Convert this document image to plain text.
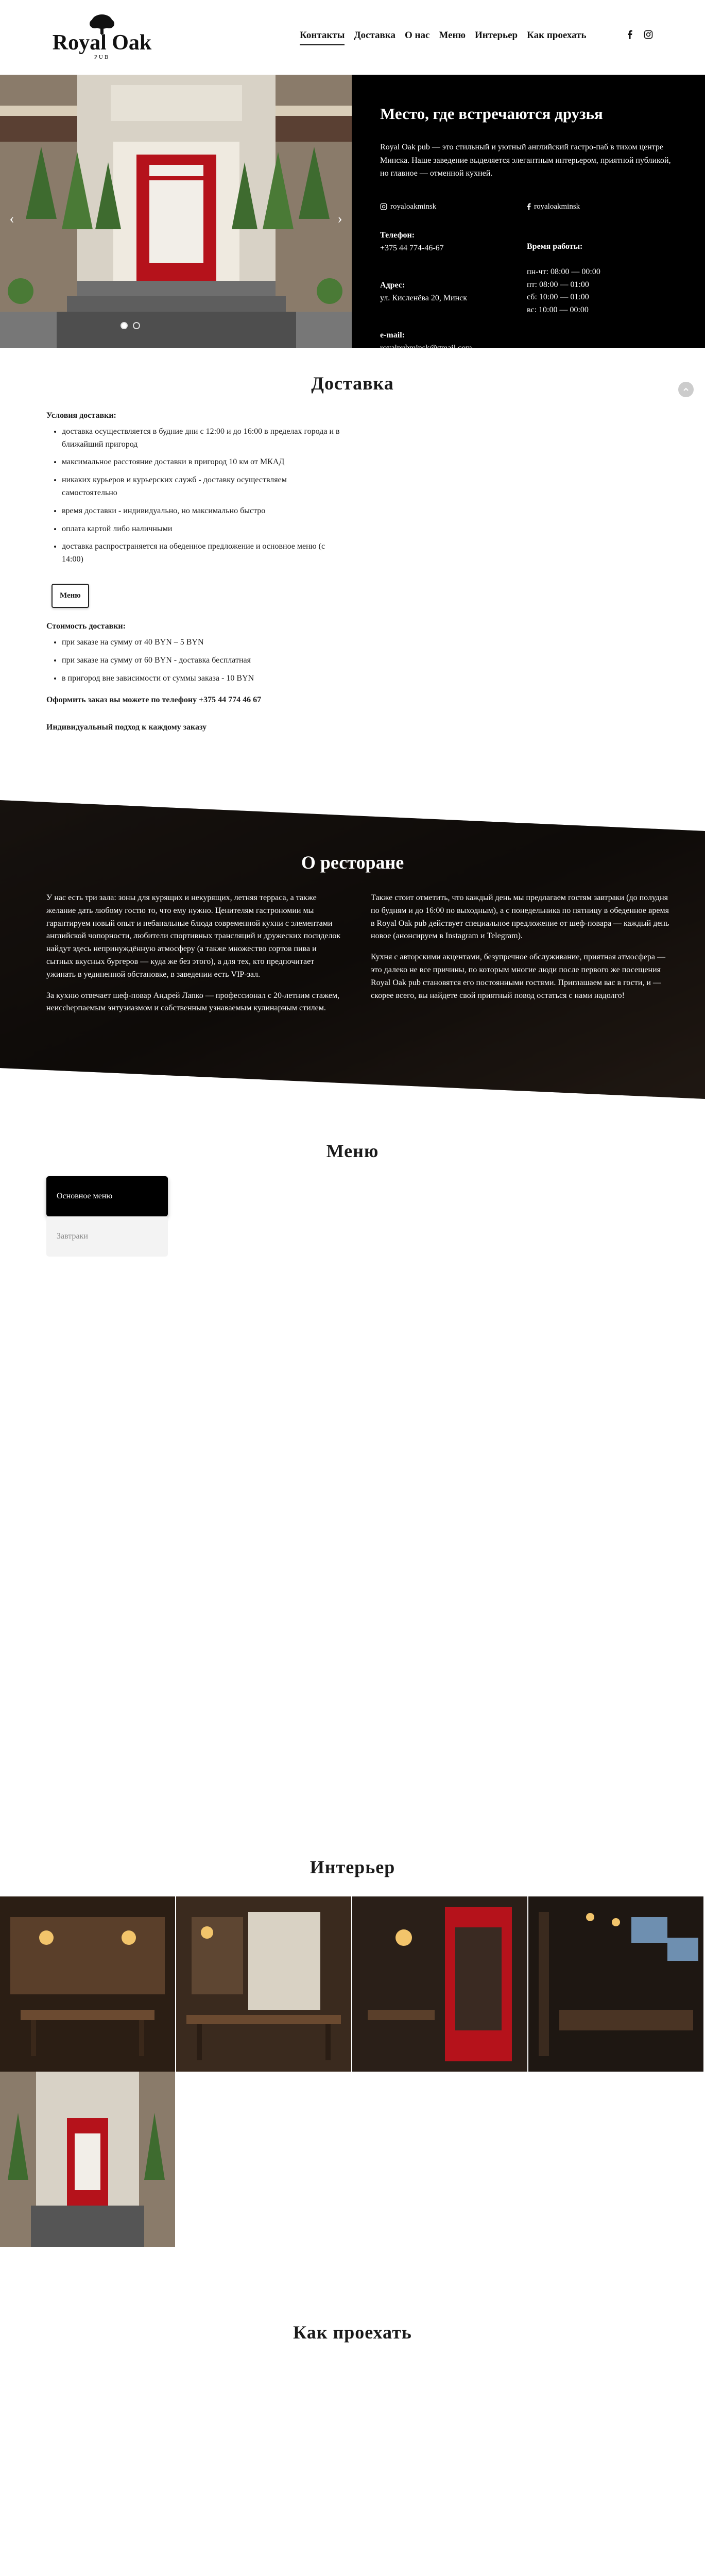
Royal Oak
PUB
Контакты Доставка О нас Меню Интерьер Как проехать
‹	›
Место, где встречаются друзья

Royal Oak pub — это стильный и уютный английский гастро-паб в тихом центре Минска. Наше заведение выделяется элегантным интерьером, приятной публикой, но главное — отменной кухней.

royaloakminsk	royaloakminsk
Телефон:
+375 44 774-46-67	Время работы:
пн-чт: 08:00 — 00:00
пт: 08:00 — 01:00
сб: 10:00 — 01:00
вс: 10:00 — 00:00
Адрес:
ул. Кисленёва 20, Минск
e-mail:
royalpubminsk@gmail.com
Доставка
Условия доставки:
• доставка осуществляется в будние дни с 12:00 и до 16:00 в пределах города и в ближайший пригород
• максимальное расстояние доставки в пригород 10 км от МКАД
• никаких курьеров и курьерских служб - доставку осуществляем самостоятельно
• время доставки - индивидуально, но максимально быстро
• оплата картой либо наличными
• доставка распространяется на обеденное предложение и основное меню (с 14:00)
Меню
Стоимость доставки:
• при заказе на сумму от 40 BYN – 5 BYN
• при заказе на сумму от 60 BYN - доставка бесплатная
• в пригород вне зависимости от суммы заказа - 10 BYN

Оформить заказ вы можете по телефону +375 44 774 46 67

Индивидуальный подход к каждому заказу

О ресторане

У нас есть три зала: зоны для курящих и некурящих, летняя терраса, а также желание дать любому гостю то, что ему нужно. Ценителям гастрономии мы гарантируем новый опыт и небанальные блюда современной кухни с элементами английской чопорности, любители спортивных трансляций и дружеских посиделок найдут здесь непринуждённую атмосферу (а также множество сортов пива и сытных вкусных бургеров — куда же без этого), а для тех, кто предпочитает ужинать в уединенной обстановке, в заведении есть VIP-зал.

За кухню отвечает шеф-повар Андрей Лапко — профессионал с 20-летним стажем, неисchерпаемым энтузиазмом и собственным узнаваемым кулинарным стилем.

Также стоит отметить, что каждый день мы предлагаем гостям завтраки (до полудня по будням и до 16:00 по выходным), а с понедельника по пятницу в обеденное время в Royal Oak pub действует специальное предложение от шеф-повара — каждый день новое (анонсируем в Instagram и Telegram).

Кухня с авторскими акцентами, безупречное обслуживание, приятная атмосфера — это далеко не все причины, по которым многие люди после первого же посещения Royal Oak pub становятся его постоянными гостями. Приглашаем вас в гости, и — скорее всего, вы найдете свой приятный повод остаться с нами надолго!

Меню
Основное меню
Завтраки
Интерьер
Как проехать
